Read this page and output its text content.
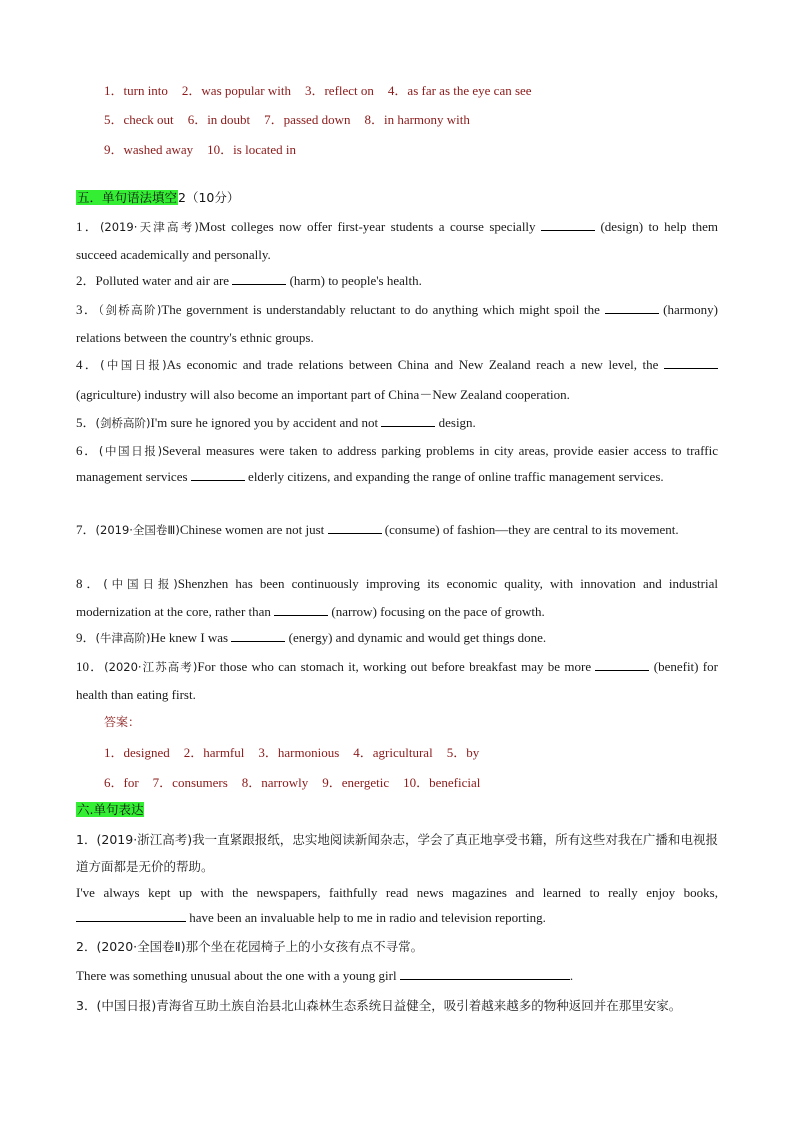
1．turn into 2．was popular with 3．reflect on 4．as far as the eye can see
5．check out 6．in doubt 7．passed down 8．in harmony with
9．washed away 10．is located in
五．单句语法填空2（10分）
1．(2019·天津高考)Most colleges now offer first-year students a course specially	(design) to help them succeed academically and personally.
2．Polluted water and air are	(harm) to people's health.
3．（剑桥高阶)The government is understandably reluctant to do anything which might spoil the	(harmony) relations between the country's ethnic groups.
4．(中国日报)As economic and trade relations between China and New Zealand reach a new level, the  (agriculture) industry will also become an important part of China－New Zealand cooperation.
5．(剑桥高阶)I'm sure he ignored you by accident and not	design.
6．(中国日报)Several measures were taken to address parking problems in city areas, provide easier access to traffic management services	elderly citizens, and expanding the range of online traffic management services.
7．(2019·全国卷Ⅲ)Chinese women are not just	(consume) of fashion—they are central to its movement.
8．(中国日报)Shenzhen has been continuously improving its economic quality, with innovation and industrial modernization at the core, rather than	(narrow) focusing on the pace of growth.
9．(牛津高阶)He knew I was	(energy) and dynamic and would get things done.
10．(2020·江苏高考)For those who can stomach it, working out before breakfast may be more	(benefit) for health than eating first.
答案：
1．designed 2．harmful 3．harmonious 4．agricultural 5．by
6．for 7．consumers 8．narrowly 9．energetic 10．beneficial
六.单句表达
1．(2019·浙江高考)我一直紧跟报纸，忠实地阅读新闻杂志，学会了真正地享受书籍，所有这些对我在广播和电视报道方面都是无价的帮助。
I've always kept up with the newspapers, faithfully read news magazines and learned to really enjoy books,  have been an invaluable help to me in radio and television reporting.
2．(2020·全国卷Ⅱ)那个坐在花园椅子上的小女孩有点不寻常。
There was something unusual about the one with a young girl	.
3．(中国日报)青海省互助土族自治县北山森林生态系统日益健全，吸引着越来越多的物种返回并在那里安家。
